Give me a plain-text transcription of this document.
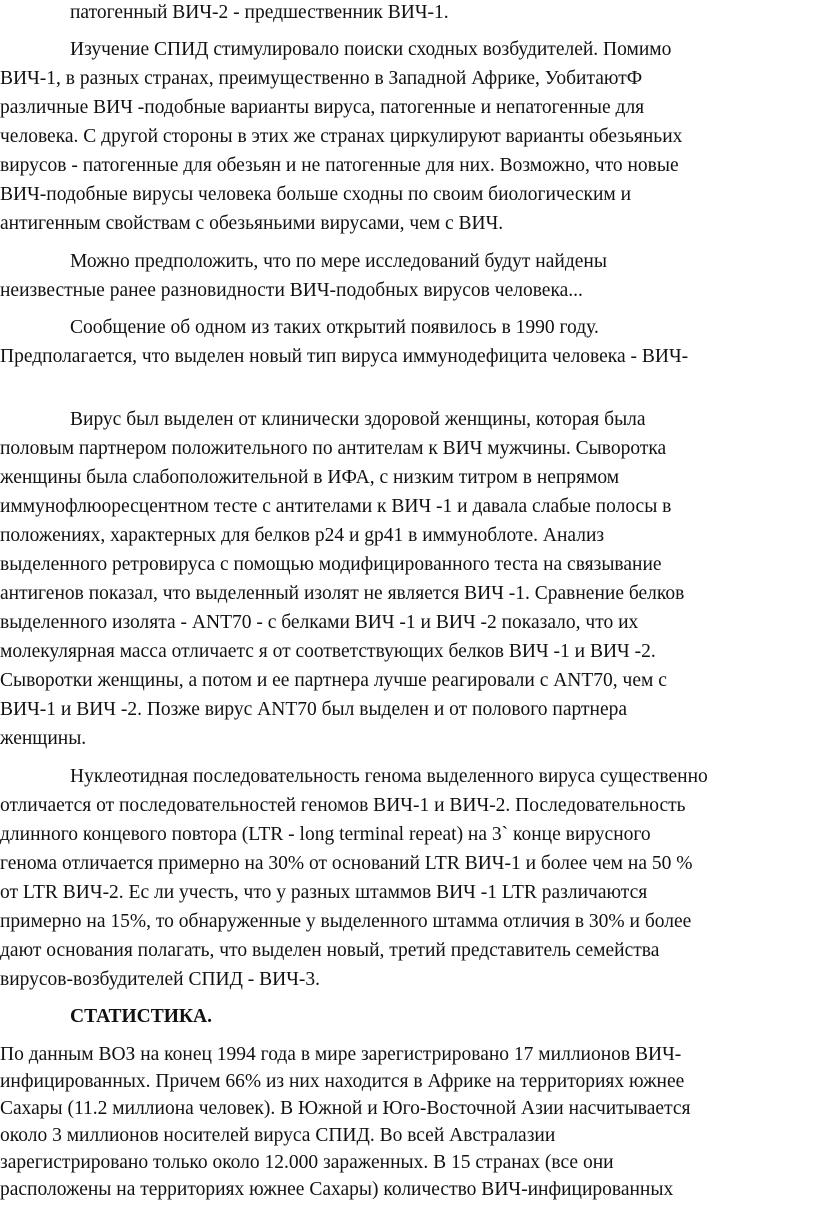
патогенный ВИЧ-2 - предшественник ВИЧ-1.
Изучение СПИД стимулировало поиски сходных возбудителей. Помимо
ВИЧ-1, в разных странах, преимущественно в Западной Африке, УобитаютФ
различные ВИЧ -подобные варианты вируса, патогенные и непатогенные для
человека. С другой стороны в этих же странах циркулируют варианты обезьяньих
вирусов - патогенные для обезьян и не патогенные для них. Возможно, что новые
ВИЧ-подобные вирусы человека больше сходны по своим биологическим и
антигенным свойствам с обезьяньими вирусами, чем с ВИЧ.
Можно предположить, что по мере исследований будут найдены
неизвестные ранее разновидности ВИЧ-подобных вирусов человека...
Сообщение об одном из таких открытий появилось в 1990 году.
Предполагается, что выделен новый тип вируса иммунодефицита человека - ВИЧ-
Вирус был выделен от клинически здоровой женщины, которая была
половым партнером положительного по антителам к ВИЧ мужчины. Сыворотка
женщины была слабоположительной в ИФА, с низким титром в непрямом
иммунофлюоресцентном тесте с антителами к ВИЧ -1 и давала слабые полосы в
положениях, характерных для белков p24 и gp41 в иммуноблоте. Анализ
выделенного ретровируса с помощью модифицированного теста на связывание
антигенов показал, что выделенный изолят не является ВИЧ -1. Сравнение белков
выделенного изолята - ANT70 - с белками ВИЧ -1 и ВИЧ -2 показало, что их
молекулярная масса отличаетс я от соответствующих белков ВИЧ -1 и ВИЧ -2.
Сыворотки женщины, а потом и ее партнера лучше реагировали с ANT70, чем с
ВИЧ-1 и ВИЧ -2. Позже вирус ANT70 был выделен и от полового партнера
женщины.
Нуклеотидная последовательность генома выделенного вируса существенно
отличается от последовательностей геномов ВИЧ-1 и ВИЧ-2. Последовательность
длинного концевого повтора (LTR - long terminal repeat) на 3` конце вирусного
генома отличается примерно на 30% от оснований LTR ВИЧ-1 и более чем на 50 %
от LTR ВИЧ-2. Ес ли учесть, что у разных штаммов ВИЧ -1 LTR различаются
примерно на 15%, то обнаруженные у выделенного штамма отличия в 30% и более
дают основания полагать, что выделен новый, третий представитель семейства
вирусов-возбудителей СПИД - ВИЧ-3.
СТАТИСТИКА.
По данным ВОЗ на конец 1994 года в мире зарегистрировано 17 миллионов ВИЧ-
инфицированных. Причем 66% из них находится в Африке на территориях южнее
Сахары (11.2 миллиона человек). В Южной и Юго-Восточной Азии насчитывается
около 3 миллионов носителей вируса СПИД. Во всей Австралазии
зарегистрировано только около 12.000 зараженных. В 15 странах (все они
расположены на территориях южнее Сахары) количество ВИЧ-инфицированных
